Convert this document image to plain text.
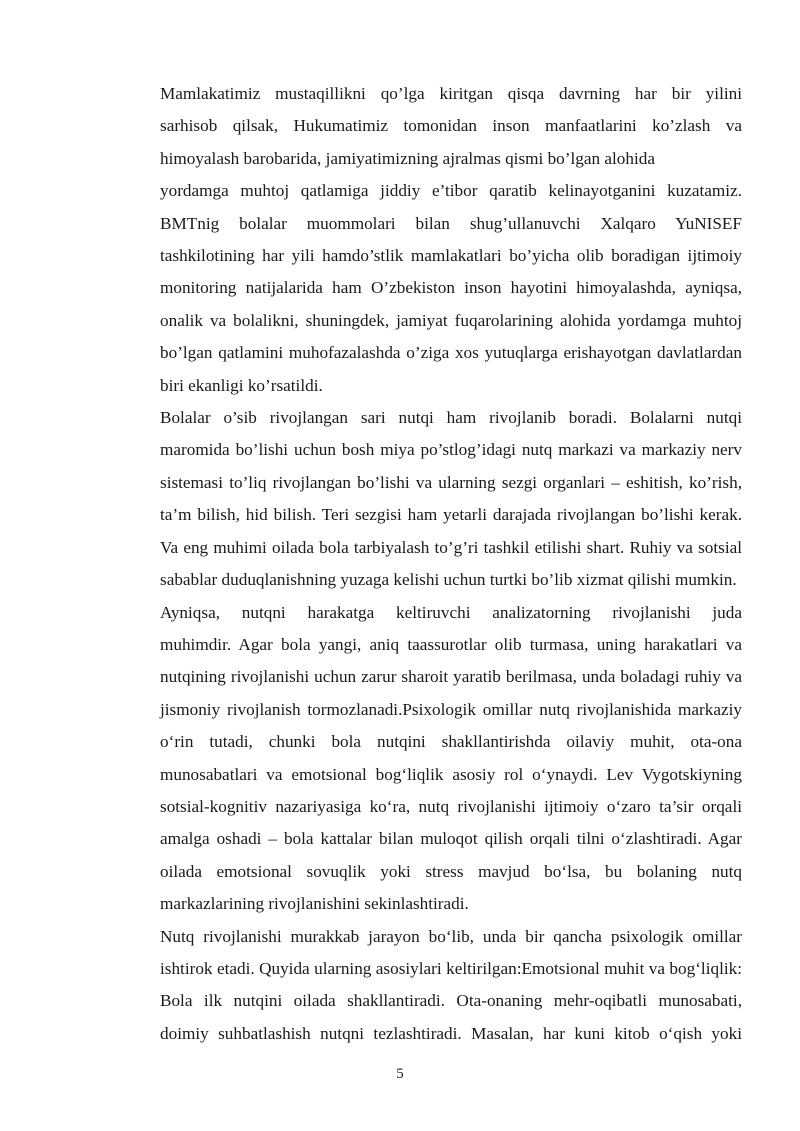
Mamlakatimiz mustaqillikni qo’lga kiritgan qisqa davrning har bir yilini
sarhisob qilsak, Hukumatimiz tomonidan inson manfaatlarini ko’zlash va
himoyalash barobarida, jamiyatimizning ajralmas qismi bo’lgan alohida
yordamga muhtoj qatlamiga jiddiy e’tibor qaratib kelinayotganini kuzatamiz.
BMTnig bolalar muommolari bilan shug’ullanuvchi Xalqaro YuNISEF
tashkilotining har yili hamdo’stlik mamlakatlari bo’yicha olib boradigan ijtimoiy
monitoring natijalarida ham O’zbekiston inson hayotini himoyalashda, ayniqsa,
onalik va bolalikni, shuningdek, jamiyat fuqarolarining alohida yordamga muhtoj
bo’lgan qatlamini muhofazalashda o’ziga xos yutuqlarga erishayotgan davlatlardan
biri ekanligi ko’rsatildi.

Bolalar o’sib rivojlangan sari nutqi ham rivojlanib boradi. Bolalarni nutqi
maromida bo’lishi uchun bosh miya po’stlog’idagi nutq markazi va markaziy nerv
sistemasi to’liq rivojlangan bo’lishi va ularning sezgi organlari – eshitish, ko’rish,
ta’m bilish, hid bilish. Teri sezgisi ham yetarli darajada rivojlangan bo’lishi kerak.
Va eng muhimi oilada bola tarbiyalash to’g’ri tashkil etilishi shart. Ruhiy va sotsial
sabablar duduqlanishning yuzaga kelishi uchun turtki bo’lib xizmat qilishi mumkin.

Ayniqsa, nutqni harakatga keltiruvchi analizatorning rivojlanishi juda
muhimdir. Agar bola yangi, aniq taassurotlar olib turmasa, uning harakatlari va
nutqining rivojlanishi uchun zarur sharoit yaratib berilmasa, unda boladagi ruhiy va
jismoniy rivojlanish tormozlanadi.Psixologik omillar nutq rivojlanishida markaziy
o‘rin tutadi, chunki bola nutqini shakllantirishda oilaviy muhit, ota-ona
munosabatlari va emotsional bog‘liqlik asosiy rol o‘ynaydi. Lev Vygotskiyning
sotsial-kognitiv nazariyasiga ko‘ra, nutq rivojlanishi ijtimoiy o‘zaro ta’sir orqali
amalga oshadi – bola kattalar bilan muloqot qilish orqali tilni o‘zlashtiradi. Agar
oilada emotsional sovuqlik yoki stress mavjud bo‘lsa, bu bolaning nutq
markazlarining rivojlanishini sekinlashtiradi.

Nutq rivojlanishi murakkab jarayon bo‘lib, unda bir qancha psixologik omillar
ishtirok etadi. Quyida ularning asosiylari keltirilgan:Emotsional muhit va bog‘liqlik:
Bola ilk nutqini oilada shakllantiradi. Ota-onaning mehr-oqibatli munosabati,
doimiy suhbatlashish nutqni tezlashtiradi. Masalan, har kuni kitob o‘qish yoki

5
